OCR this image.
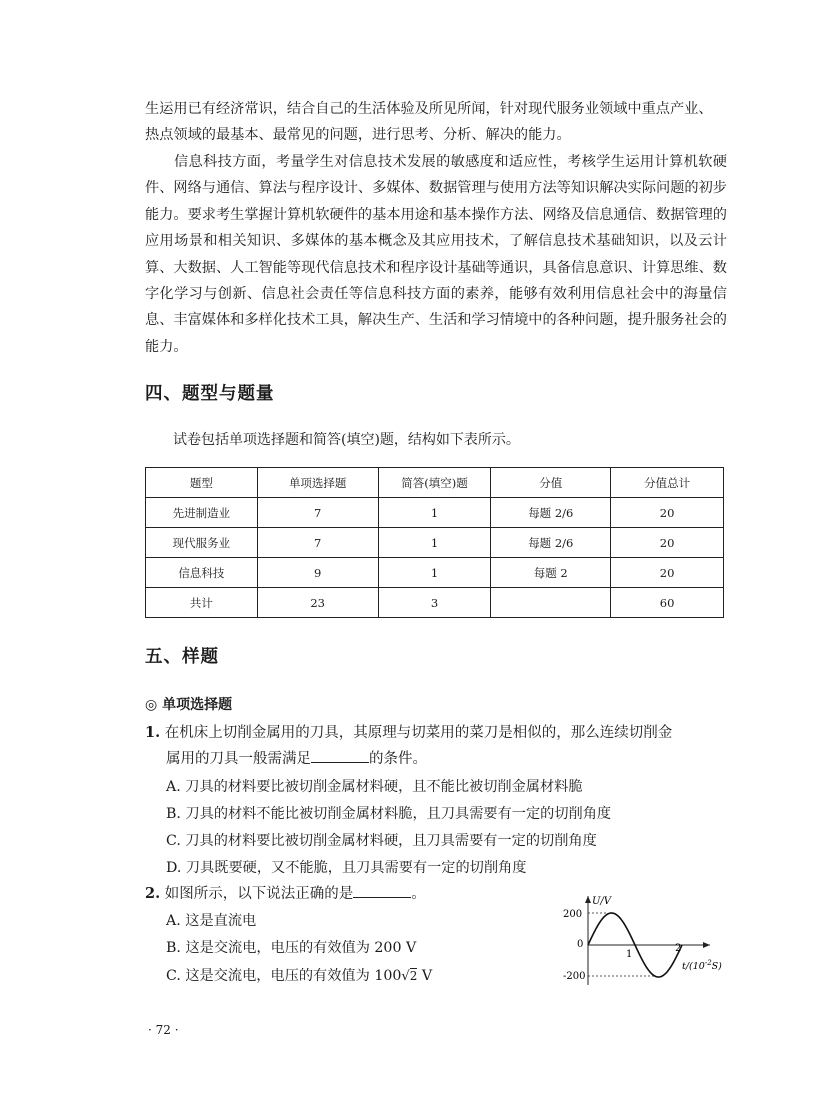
生运用已有经济常识，结合自己的生活体验及所见所闻，针对现代服务业领域中重点产业、
热点领域的最基本、最常见的问题，进行思考、分析、解决的能力。

信息科技方面，考量学生对信息技术发展的敏感度和适应性，考核学生运用计算机软硬件、网络与通信、算法与程序设计、多媒体、数据管理与使用方法等知识解决实际问题的初步能力。要求考生掌握计算机软硬件的基本用途和基本操作方法、网络及信息通信、数据管理的应用场景和相关知识、多媒体的基本概念及其应用技术，了解信息技术基础知识，以及云计算、大数据、人工智能等现代信息技术和程序设计基础等通识，具备信息意识、计算思维、数字化学习与创新、信息社会责任等信息科技方面的素养，能够有效利用信息社会中的海量信息、丰富媒体和多样化技术工具，解决生产、生活和学习情境中的各种问题，提升服务社会的能力。

四、题型与题量

试卷包括单项选择题和简答(填空)题，结构如下表所示。

题型	单项选择题	简答(填空)题	分值	分值总计
先进制造业	7	1	每题 2/6	20
现代服务业	7	1	每题 2/6	20
信息科技	9	1	每题 2	20
共计	23	3		60
五、样题

◎ 单项选择题

1. 在机床上切削金属用的刀具，其原理与切菜用的菜刀是相似的，那么连续切削金

属用的刀具一般需满足	的条件。

A. 刀具的材料要比被切削金属材料硬，且不能比被切削金属材料脆

B. 刀具的材料不能比被切削金属材料脆，且刀具需要有一定的切削角度

C. 刀具的材料要比被切削金属材料硬，且刀具需要有一定的切削角度

D. 刀具既要硬，又不能脆，且刀具需要有一定的切削角度

2. 如图所示，以下说法正确的是	。

A. 这是直流电

B. 这是交流电，电压的有效值为 200 V

C. 这是交流电，电压的有效值为 100√2 V

U/V
200
0
-200
1
2
$t/(10^{-2}S)$
· 72 ·
